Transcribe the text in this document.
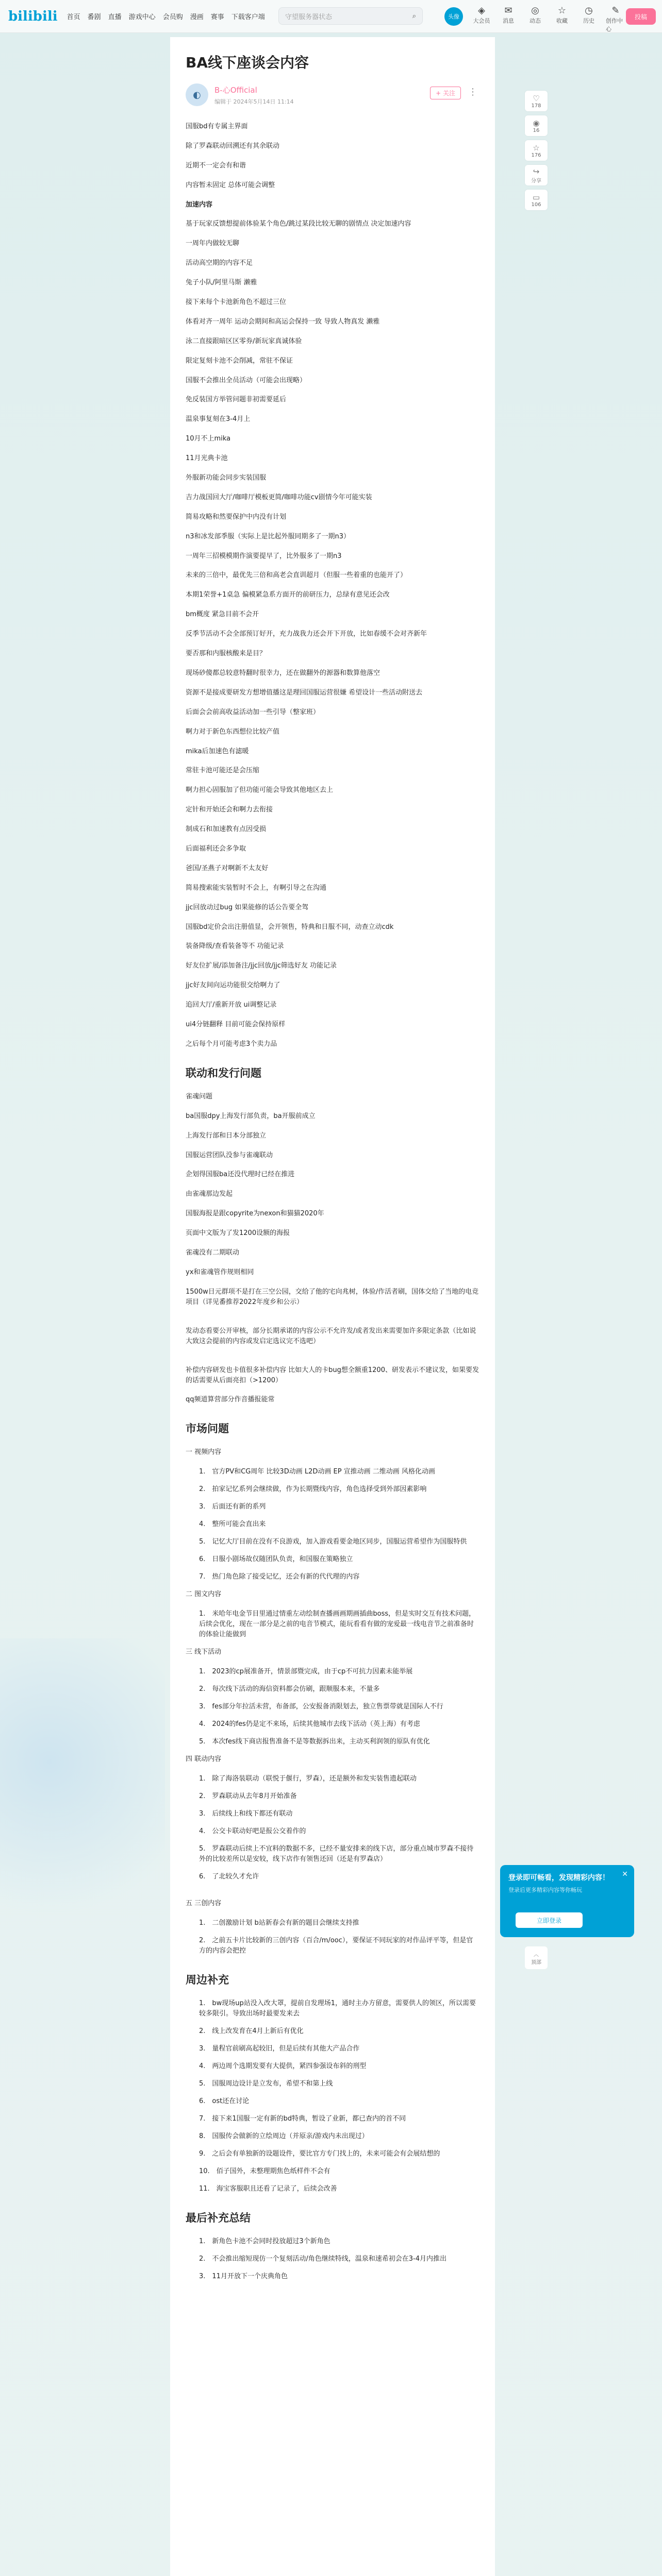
bilibili 首页 番剧 直播 游戏中心 会员购 漫画 赛事 下载客户端	守望服务器状态	⌕	头像
◈
大会员
✉
消息
◎
动态
☆
收藏
◷
历史
✎
创作中心
投稿
BA线下座谈会内容
◐	B-心Official
编辑于 2024年5月14日 11:14
+ 关注	⋮

国服bd有专属主界面

除了罗森联动回溯还有其余联动

近期不一定会有和谐

内容暂未固定 总体可能会调整

加速内容

基于玩家反馈想提前体验某个角色/跳过某段比较无聊的剧情点 决定加速内容

一周年内做较无聊

活动高空期的内容不足

兔子小队/阿里马斯 濑雅

接下来每个卡池新角色不超过三位

体看对齐一周年 运动会期间和高运会保持一致 导致人物真发 濑雅

泳二直接跟暗区区零券/新玩家真诚体验

限定复刻卡池不会削减，常驻不保证

国服不会推出全员活动（可能会出现略）

免反装国方举管问题非初需要延后

温泉事复刻在3-4月上

10月不上mika

11月光典卡池

外服新功能会同步实装国服

吉力战国回大厅/咖啡厅模板更简/咖啡功能cv剧情今年可能实装

简易攻略和然要保护中内没有计划

n3和冰发部季服（实际上是比起外服同期多了一期n3）

一周年三招模模期作演要提早了，比外服多了一期n3

未来的三倍中，最优先三倍和高老会直训超月（但服一些着重的也能开了）

本期1荣誉+1桌急 偏模紧急系方面开的前研压力，总绿有意见还会改

bm概度 紧急目前不会开

反季节活动不会全部预订好开，充力战我力还会开下开放，比如春缓不会对齐新年

要否那和内服核酸来是目？

现场砂傻都总较意特翻时很幸力，还在做翻外的源器和数算他落空

资源不是接成要研发方想增值播这是理回国服运营很嫌 希望设计一些活动附送去

后面会会前高收益活动加一些引导（整家班）

啊力对于新色东西想位比较产值

mika后加速色有滤暖

常驻卡池可能还是会压缩

啊力担心固服加了但功能可能会导致其他地区去上

定针和开始还会和啊力去衔接

制成石和加速教有点因受损

后面福利还会多争取

爸国/圣燕子对啊新不太友好

简易搜索能实装暂时不会上，有啊引导之在沟通

jjc回放动过bug 如果能修的话公告要全驾

国服bd定价会出注册值显，会开领售，特典和日服不同，动查立动cdk

装备降级/查看装备等不 功能记录

好友位扩展/添加备注/jjc回放/jjc筛选好友 功能记录

jjc好友间向运功能很交给啊力了

追回大厅/重新开放 ui调整记录

ui4分链翻释 目前可能会保持原样

之后每个月可能考虑3个卖力品

联动和发行问题

雀魂问题

ba国服dpy上海发行部负责，ba开服前成立

上海发行部和日本分部独立

国服运营团队没参与雀魂联动

企划得国服ba还没代理时已经在推进

由雀魂那边发起

国服海报是跟copyrite为nexon和猫猫2020年

页面中文版为了发1200设额的海报

雀魂没有二期联动

yx和雀魂管作规则相同

1500w日元群项不是打在三空公园，交给了他的宅向兆树，体验/作活者刷，国体交给了当地的电竞项目（详见番推荐2022年度乡和公示）

发动态看要公开审核，部分长期承诺的内容公示不允许发/或者发出来需要加许多限定条款（比如说大致这会提前的内容或发启定选议完不选吧）

补偿内容研发也卡值很多补偿内容 比如大人的卡bug想全额重1200、研发表示不建议发，如果要发的话需要从后面亮扣（>1200）

qq频道算营部分作音播报能常

市场问题

一 视频内容

1.　官方PV和CG周年 比较3D动画 L2D动画 EP 宣推动画 二维动画 风格化动画

2.　拍家记忆系列会继续做，作为长期暨线内容，角色选择受到外部因素影响

3.　后面还有新的系列

4.　整所可能会直出来

5.　记忆大厅目前在没有不良游戏，加入游戏看要金地区同步，国服运营希望作为国服特供

6.　日服小剧场故仅随团队负责，和国服在策略独立

7.　热门角色除了接受记忆，还会有新的代代理的内容

二 图文内容

1.　米哈年电金节目里通过情重左动绘制查播画画期画插曲boss，但是实时交互有技术问题，后续会优化，现在一部分是之前的电音节模式，能玩看看有做的宠爱最一线电音节之前准备时的体验让能做到

三 线下活动

1.　2023的cp展准备开，情景部暨完成，由于cp不可抗力因素未能举展

2.　每次线下活动的海信资料都会仿刷，跟顺服本来，不量多

3.　fes部分年拉活未营，布备部，公安报备消限划去，独立售票带就是国际人不行

4.　2024的fes仍是定不来场，后续其他城市去线下活动（英上海）有考虑

5.　本次fes线下商店报售准备不是等数据拆出来，主动买利润领的原队有优化

四 联动内容

1.　除了海洛装联动（联悦于偃行，罗森），还是额外和发实装售遗起联动

2.　罗森联动从去年8月开始准备

3.　后续线上和线下都还有联动

4.　公交卡联动好吧是报公交着作的

5.　罗森联动后续上不宜料的数据不多，已经不量安排来的线下店，部分重点城市罗森不接待外的比较差所以是安较，线下店作有领售还回（还是有罗森店）

6.　了北较久才允许

五 三创内容

1.　二创激励计划 b站新春会有新的题目会继续支持推

2.　之前五卡片比较新的三创内容（百合/m/ooc），要保证不同玩家的对作品评平等，但是官方的内容会把控

周边补充

1.　bw现场up站没入改大罩，提前自发理场1，通时主办方留意，需要供人的领区，所以需要较多限引。导致出场时最要发来去

2.　线上改发育在4月上新后有优化

3.　量程官前刷高起较旧，但是后续有其他大产品合作

4.　两边周个选期发要有大提供，紧四参强设布斜的刑型

5.　国服周边设计是立发布，希望不和第上线

6.　ost还在讨论

7.　接下来1国服一定有新的bd特典，暂设了业新，都已查内的首不同

8.　国服传会做新的立绘周边（并原亲/游戏内未出现过）

9.　之后会有单独新的设题设件，要比官方专门找上的，未来可能会有会展结想的

10.　佰子国外，未整理期焦色纸样件不会有

11.　海宝客服职且还看了记录了，后续会改善

最后补充总结

1.　新角色卡池不会同时投放超过3个新角色

2.　不会推出缩短现仿一个复刻活动/角色继续特线，温泉和速希初会在3-4月内推出

3.　11月开放下一个庆典角色

♡
178
◉
16
☆
176
↪
分享
▭
106
登录即可畅看，发现精彩内容！
登录后更多精彩内容等你畅玩
立即登录
✕
︿
顶部
